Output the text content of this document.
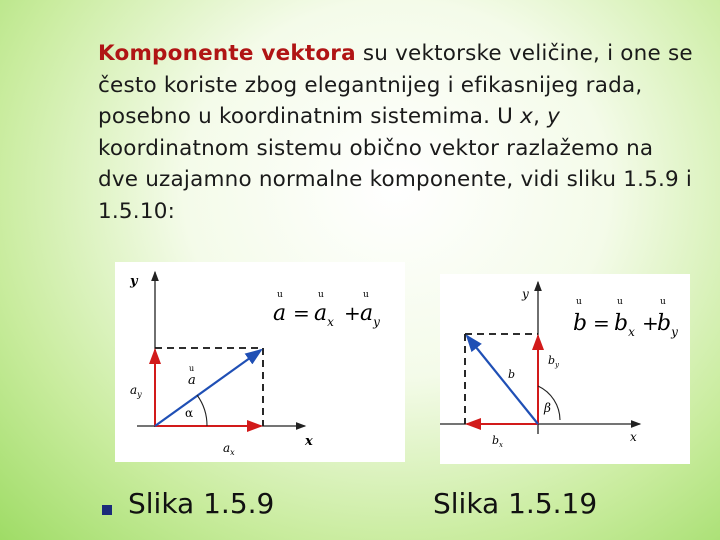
Komponente vektora su vektorske veličine, i one se često koriste zbog elegantnijeg i efikasnijeg rada, posebno u koordinatnim sistemima. U x, y koordinatnom sistemu obično vektor razlažemo na dve uzajamno normalne komponente, vidi sliku 1.5.9 i 1.5.10:
y
x
α
u
a
$a_y$
$a_x$
u	u	u
$a = a_x + a_y$
y
x
β
b
$b_y$
$b_x$
u	u	u
$b = b_x$ +
$b_y$
Slika 1.5.9	Slika 1.5.19
